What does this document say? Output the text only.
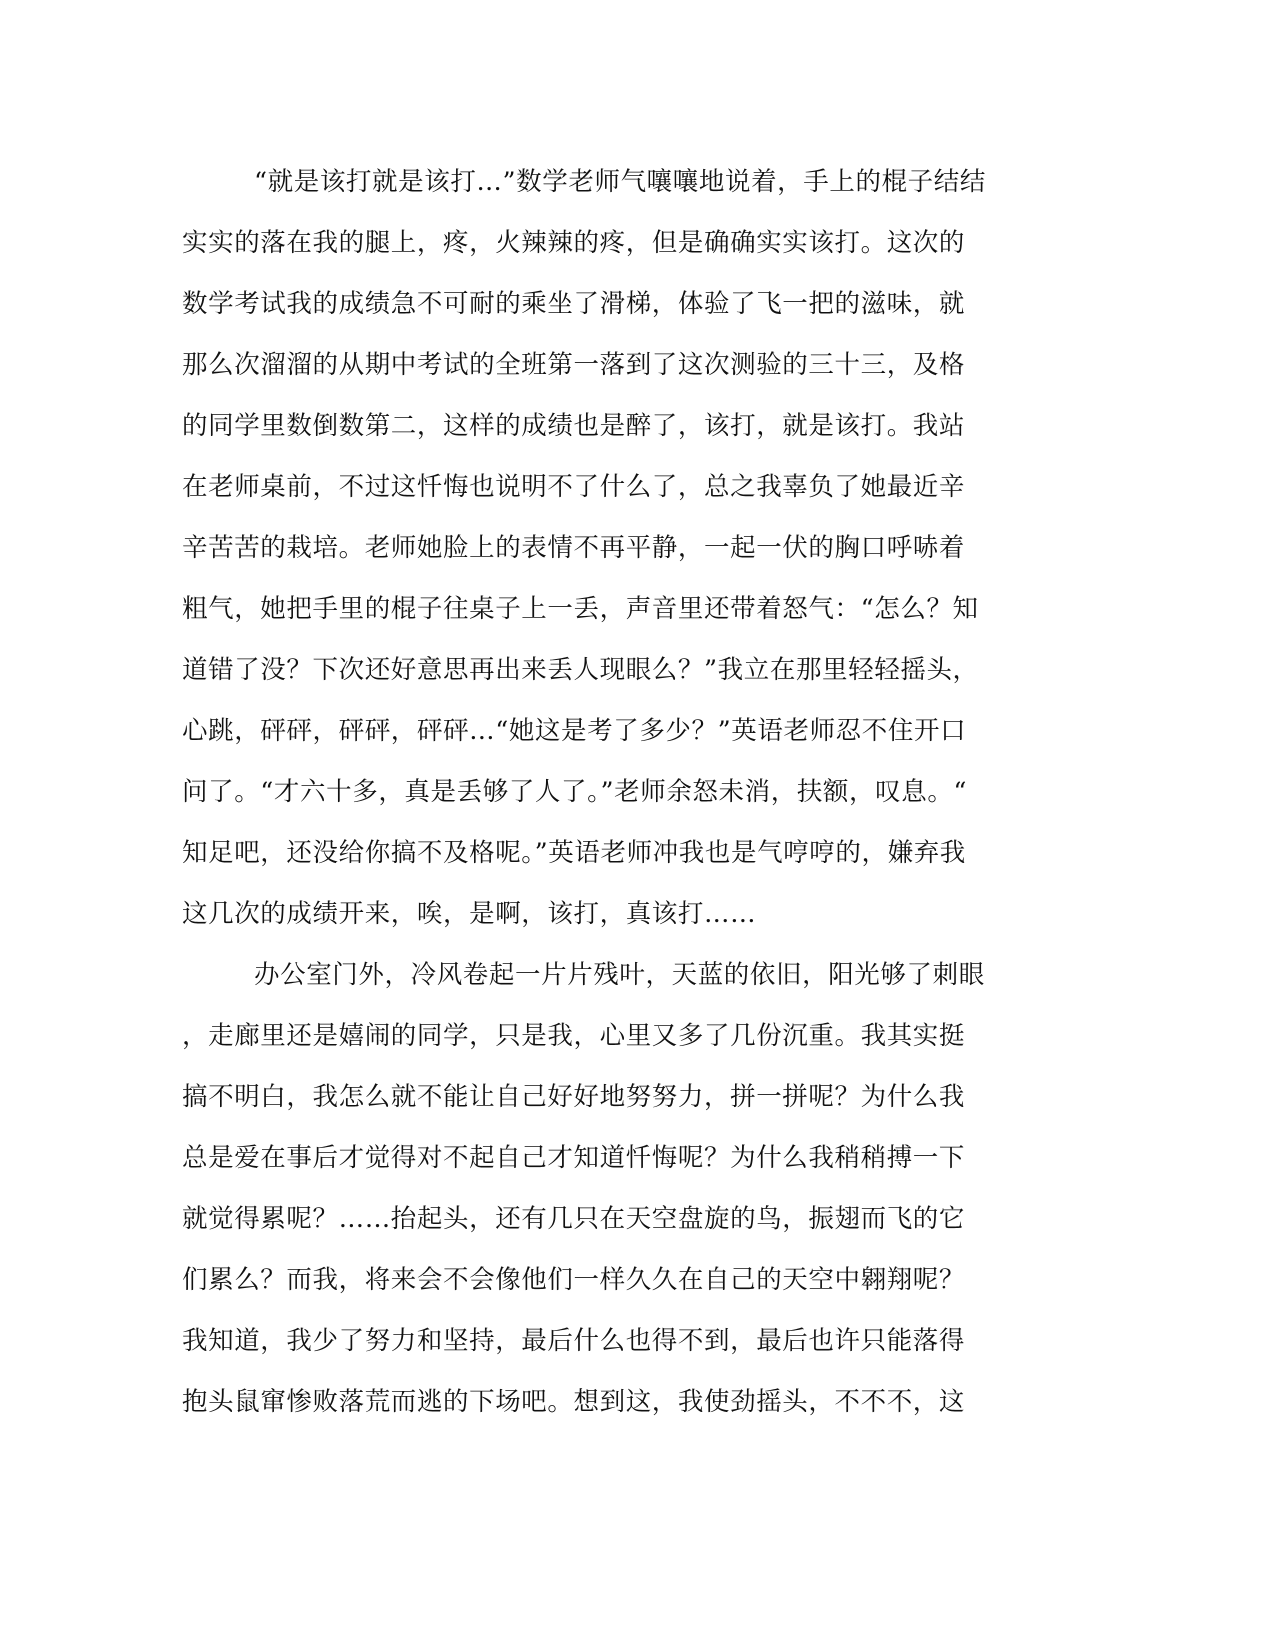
“就是该打就是该打…”数学老师气嚷嚷地说着，手上的棍子结结
实实的落在我的腿上，疼，火辣辣的疼，但是确确实实该打。这次的
数学考试我的成绩急不可耐的乘坐了滑梯，体验了飞一把的滋味，就
那么次溜溜的从期中考试的全班第一落到了这次测验的三十三，及格
的同学里数倒数第二，这样的成绩也是醉了，该打，就是该打。我站
在老师桌前，不过这忏悔也说明不了什么了，总之我辜负了她最近辛
辛苦苦的栽培。老师她脸上的表情不再平静，一起一伏的胸口呼哧着
粗气，她把手里的棍子往桌子上一丢，声音里还带着怒气：“怎么？知
道错了没？下次还好意思再出来丢人现眼么？”我立在那里轻轻摇头，
心跳，砰砰，砰砰，砰砰…“她这是考了多少？”英语老师忍不住开口
问了。“才六十多，真是丢够了人了。”老师余怒未消，扶额，叹息。“
知足吧，还没给你搞不及格呢。”英语老师冲我也是气哼哼的，嫌弃我
这几次的成绩开来，唉，是啊，该打，真该打……
办公室门外，冷风卷起一片片残叶，天蓝的依旧，阳光够了刺眼
，走廊里还是嬉闹的同学，只是我，心里又多了几份沉重。我其实挺
搞不明白，我怎么就不能让自己好好地努努力，拼一拼呢？为什么我
总是爱在事后才觉得对不起自己才知道忏悔呢？为什么我稍稍搏一下
就觉得累呢？……抬起头，还有几只在天空盘旋的鸟，振翅而飞的它
们累么？而我，将来会不会像他们一样久久在自己的天空中翱翔呢？
我知道，我少了努力和坚持，最后什么也得不到，最后也许只能落得
抱头鼠窜惨败落荒而逃的下场吧。想到这，我使劲摇头，不不不，这
